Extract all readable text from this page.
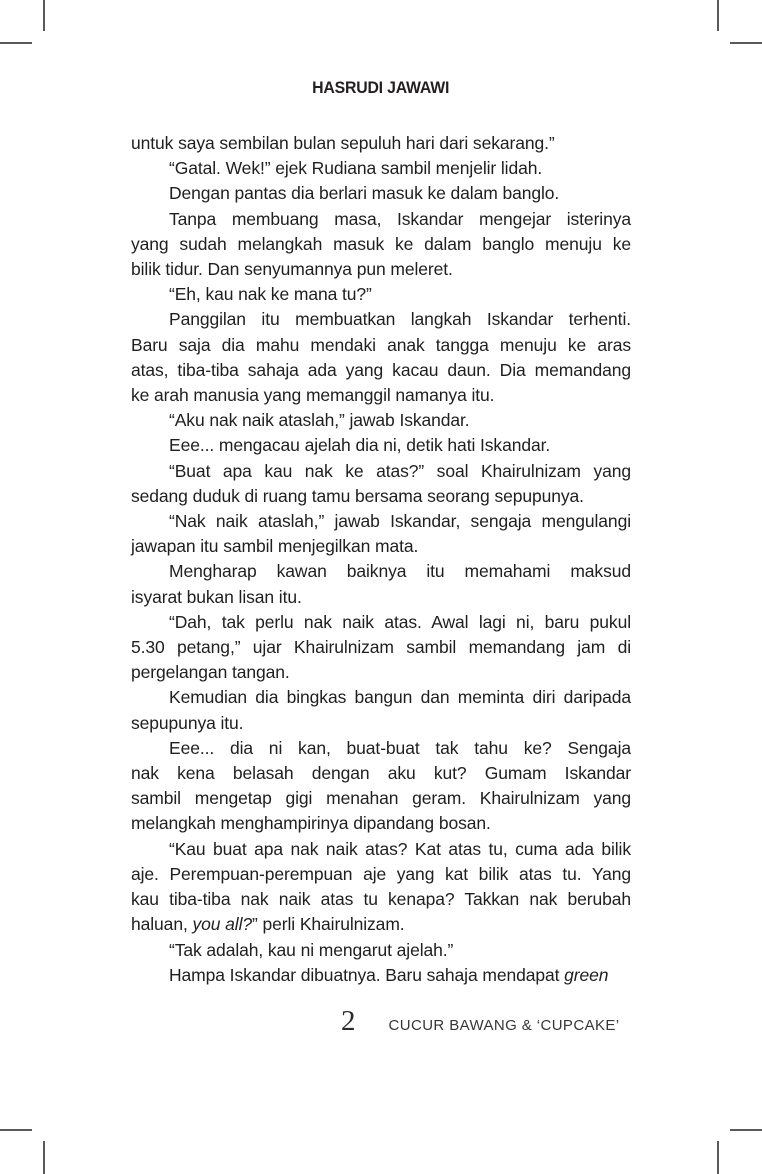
HASRUDI JAWAWI
untuk saya sembilan bulan sepuluh hari dari sekarang.”
“Gatal. Wek!” ejek Rudiana sambil menjelir lidah.
Dengan pantas dia berlari masuk ke dalam banglo.
Tanpa membuang masa, Iskandar mengejar isterinya
yang sudah melangkah masuk ke dalam banglo menuju ke
bilik tidur. Dan senyumannya pun meleret.
“Eh, kau nak ke mana tu?”
Panggilan itu membuatkan langkah Iskandar terhenti.
Baru saja dia mahu mendaki anak tangga menuju ke aras
atas, tiba-tiba sahaja ada yang kacau daun. Dia memandang
ke arah manusia yang memanggil namanya itu.
“Aku nak naik ataslah,” jawab Iskandar.
Eee... mengacau ajelah dia ni, detik hati Iskandar.
“Buat apa kau nak ke atas?” soal Khairulnizam yang
sedang duduk di ruang tamu bersama seorang sepupunya.
“Nak naik ataslah,” jawab Iskandar, sengaja mengulangi
jawapan itu sambil menjegilkan mata.
Mengharap kawan baiknya itu memahami maksud
isyarat bukan lisan itu.
“Dah, tak perlu nak naik atas. Awal lagi ni, baru pukul
5.30 petang,” ujar Khairulnizam sambil memandang jam di
pergelangan tangan.
Kemudian dia bingkas bangun dan meminta diri daripada
sepupunya itu.
Eee... dia ni kan, buat-buat tak tahu ke? Sengaja
nak kena belasah dengan aku kut? Gumam Iskandar
sambil mengetap gigi menahan geram. Khairulnizam yang
melangkah menghampirinya dipandang bosan.
“Kau buat apa nak naik atas? Kat atas tu, cuma ada bilik
aje. Perempuan-perempuan aje yang kat bilik atas tu. Yang
kau tiba-tiba nak naik atas tu kenapa? Takkan nak berubah
haluan, you all?” perli Khairulnizam.
“Tak adalah, kau ni mengarut ajelah.”
Hampa Iskandar dibuatnya. Baru sahaja mendapat green
2 CUCUR BAWANG & ‘CUPCAKE’
